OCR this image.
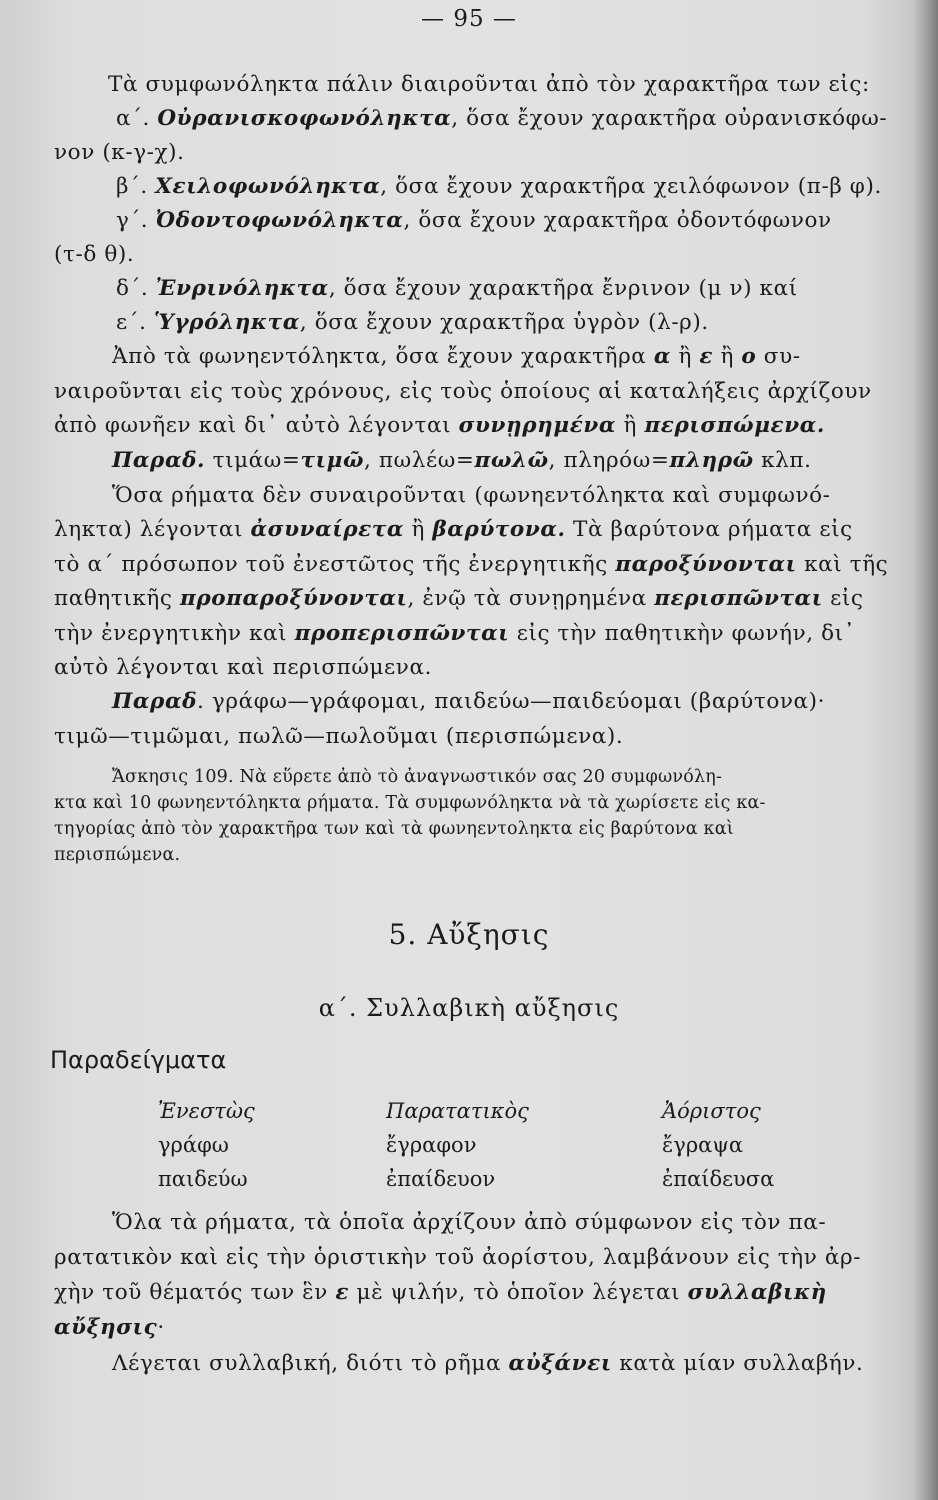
— 95 —
Τὰ συμφωνόληκτα πάλιν διαιροῦνται ἀπὸ τὸν χαρακτῆρα των εἰς:
α΄. Οὐρανισκοφωνόληκτα, ὅσα ἔχουν χαρακτῆρα οὐρανισκόφω-
νον (κ-γ-χ).
β΄. Χειλοφωνόληκτα, ὅσα ἔχουν χαρακτῆρα χειλόφωνον (π-β φ).
γ΄. Ὀδοντοφωνόληκτα, ὅσα ἔχουν χαρακτῆρα ὀδοντόφωνον
(τ-δ θ).
δ΄. Ἐνρινόληκτα, ὅσα ἔχουν χαρακτῆρα ἔνρινον (μ ν) καί
ε΄. Ὑγρόληκτα, ὅσα ἔχουν χαρακτῆρα ὑγρὸν (λ-ρ).
Ἀπὸ τὰ φωνηεντόληκτα, ὅσα ἔχουν χαρακτῆρα α ἢ ε ἢ ο συ-
ναιροῦνται εἰς τοὺς χρόνους, εἰς τοὺς ὁποίους αἱ καταλήξεις ἀρχίζουν
ἀπὸ φωνῆεν καὶ δι᾽ αὐτὸ λέγονται συνῃρημένα ἢ περισπώμενα.
Παραδ. τιμάω=τιμῶ, πωλέω=πωλῶ, πληρόω=πληρῶ κλπ.
Ὅσα ρήματα δὲν συναιροῦνται (φωνηεντόληκτα καὶ συμφωνό-
ληκτα) λέγονται ἀσυναίρετα ἢ βαρύτονα. Τὰ βαρύτονα ρήματα εἰς
τὸ α΄ πρόσωπον τοῦ ἐνεστῶτος τῆς ἐνεργητικῆς παροξύνονται καὶ τῆς
παθητικῆς προπαροξύνονται, ἐνῷ τὰ συνῃρημένα περισπῶνται εἰς
τὴν ἐνεργητικὴν καὶ προπερισπῶνται εἰς τὴν παθητικὴν φωνήν, δι᾽
αὐτὸ λέγονται καὶ περισπώμενα.
Παραδ. γράφω—γράφομαι, παιδεύω—παιδεύομαι (βαρύτονα)·
τιμῶ—τιμῶμαι, πωλῶ—πωλοῦμαι (περισπώμενα).
Ἄσκησις 109. Νὰ εὕρετε ἀπὸ τὸ ἀναγνωστικόν σας 20 συμφωνόλη-
κτα καὶ 10 φωνηεντόληκτα ρήματα. Τὰ συμφωνόληκτα νὰ τὰ χωρίσετε εἰς κα-
τηγορίας ἀπὸ τὸν χαρακτῆρα των καὶ τὰ φωνηεντοληκτα εἰς βαρύτονα καὶ
περισπώμενα.
5. Αὔξησις
α΄. Συλλαβικὴ αὔξησις
Παραδείγματα
Ἐνεστὼς
γράφω
παιδεύω
Παρατατικὸς
ἔγραφον
ἐπαίδευον
Ἀόριστος
ἔγραψα
ἐπαίδευσα
Ὅλα τὰ ρήματα, τὰ ὁποῖα ἀρχίζουν ἀπὸ σύμφωνον εἰς τὸν πα-
ρατατικὸν καὶ εἰς τὴν ὁριστικὴν τοῦ ἀορίστου, λαμβάνουν εἰς τὴν ἀρ-
χὴν τοῦ θέματός των ἓν ε μὲ ψιλήν, τὸ ὁποῖον λέγεται συλλαβικὴ
αὔξησις·
Λέγεται συλλαβική, διότι τὸ ρῆμα αὐξάνει κατὰ μίαν συλλαβήν.
